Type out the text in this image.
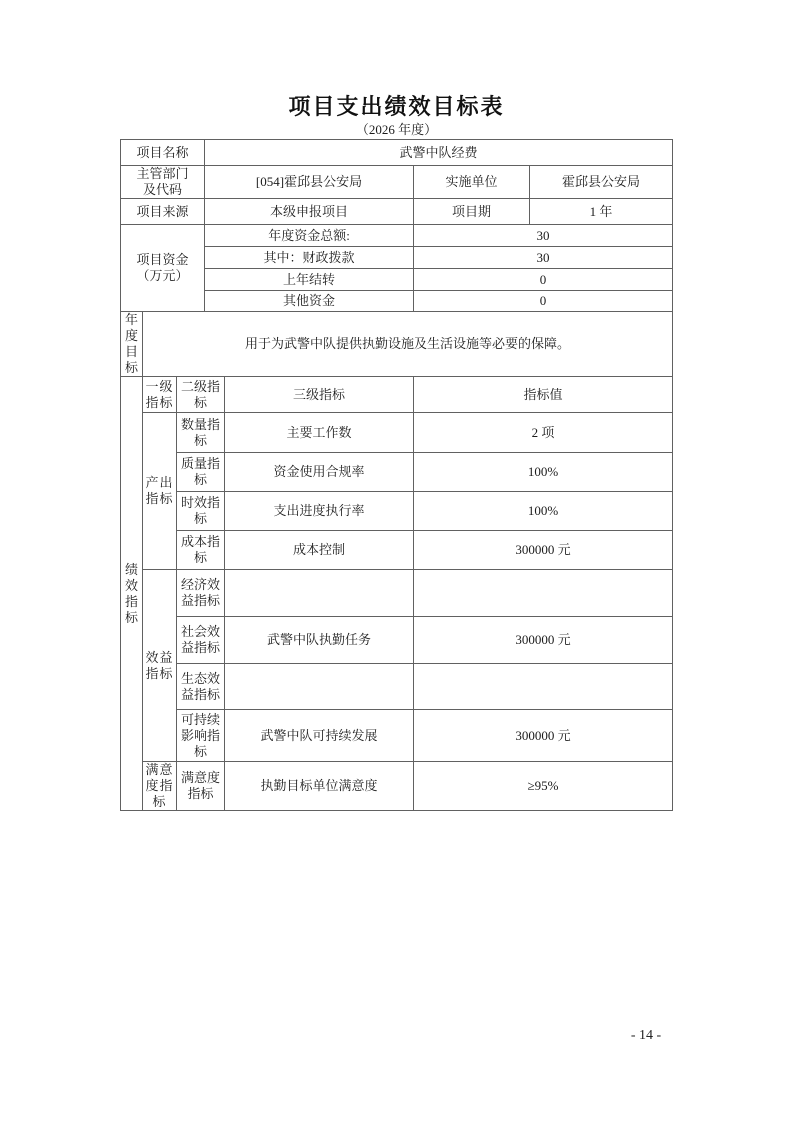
项目支出绩效目标表
（2026 年度）
项目名称			武警中队经费			

主管部门
及代码			[054]霍邱县公安局		实施单位	霍邱县公安局
项目来源			本级申报项目		项目期	1 年

项目资金
（万元）			年度资金总额:		30	
			其中：财政拨款		30	
			上年结转		0	
			其他资金		0	
年度目标	用于为武警中队提供执勤设施及生活设施等必要的保障。					
绩效指标	一级指标	二级指标		三级指标	指标值	
	产出指标	数量指标		主要工作数	2 项	
		质量指标		资金使用合规率	100%	
		时效指标		支出进度执行率	100%	
		成本指标		成本控制	300000 元	
	效益指标	经济效益指标				
		社会效益指标		武警中队执勤任务	300000 元	
		生态效益指标				
		可持续影响指标		武警中队可持续发展	300000 元	
	满意度指标	满意度指标		执勤目标单位满意度	≥95%	
- 14 -
